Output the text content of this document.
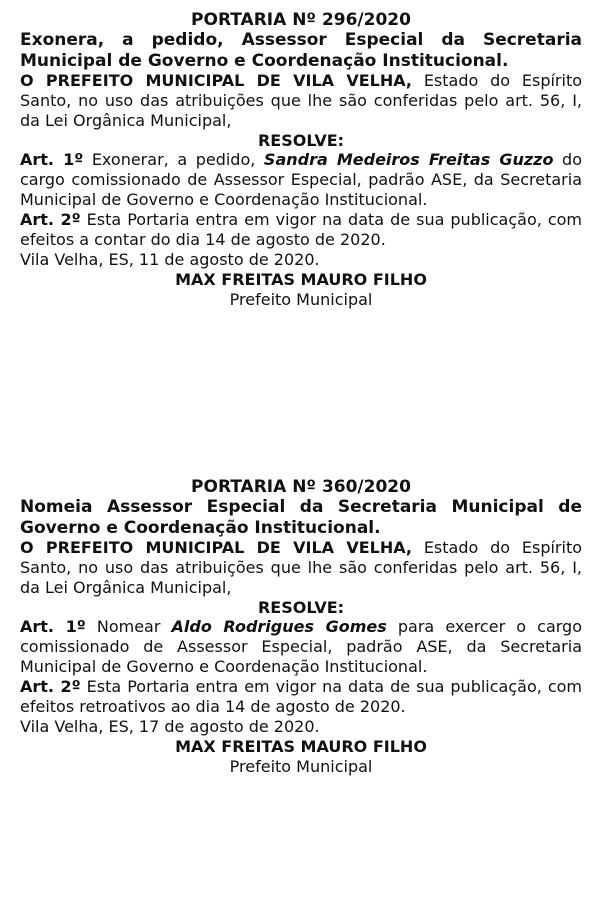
PORTARIA Nº 296/2020

Exonera, a pedido, Assessor Especial da Secretaria Municipal de Governo e Coordenação Institucional.

O PREFEITO MUNICIPAL DE VILA VELHA, Estado do Espírito Santo, no uso das atribuições que lhe são conferidas pelo art. 56, I, da Lei Orgânica Municipal,

RESOLVE:

Art. 1º Exonerar, a pedido, Sandra Medeiros Freitas Guzzo do cargo comissionado de Assessor Especial, padrão ASE, da Secretaria Municipal de Governo e Coordenação Institucional.

Art. 2º Esta Portaria entra em vigor na data de sua publicação, com efeitos a contar do dia 14 de agosto de 2020.

Vila Velha, ES, 11 de agosto de 2020.

MAX FREITAS MAURO FILHO

Prefeito Municipal

PORTARIA Nº 360/2020

Nomeia Assessor Especial da Secretaria Municipal de Governo e Coordenação Institucional.

O PREFEITO MUNICIPAL DE VILA VELHA, Estado do Espírito Santo, no uso das atribuições que lhe são conferidas pelo art. 56, I, da Lei Orgânica Municipal,

RESOLVE:

Art. 1º Nomear Aldo Rodrigues Gomes para exercer o cargo comissionado de Assessor Especial, padrão ASE, da Secretaria Municipal de Governo e Coordenação Institucional.

Art. 2º Esta Portaria entra em vigor na data de sua publicação, com efeitos retroativos ao dia 14 de agosto de 2020.

Vila Velha, ES, 17 de agosto de 2020.

MAX FREITAS MAURO FILHO

Prefeito Municipal
